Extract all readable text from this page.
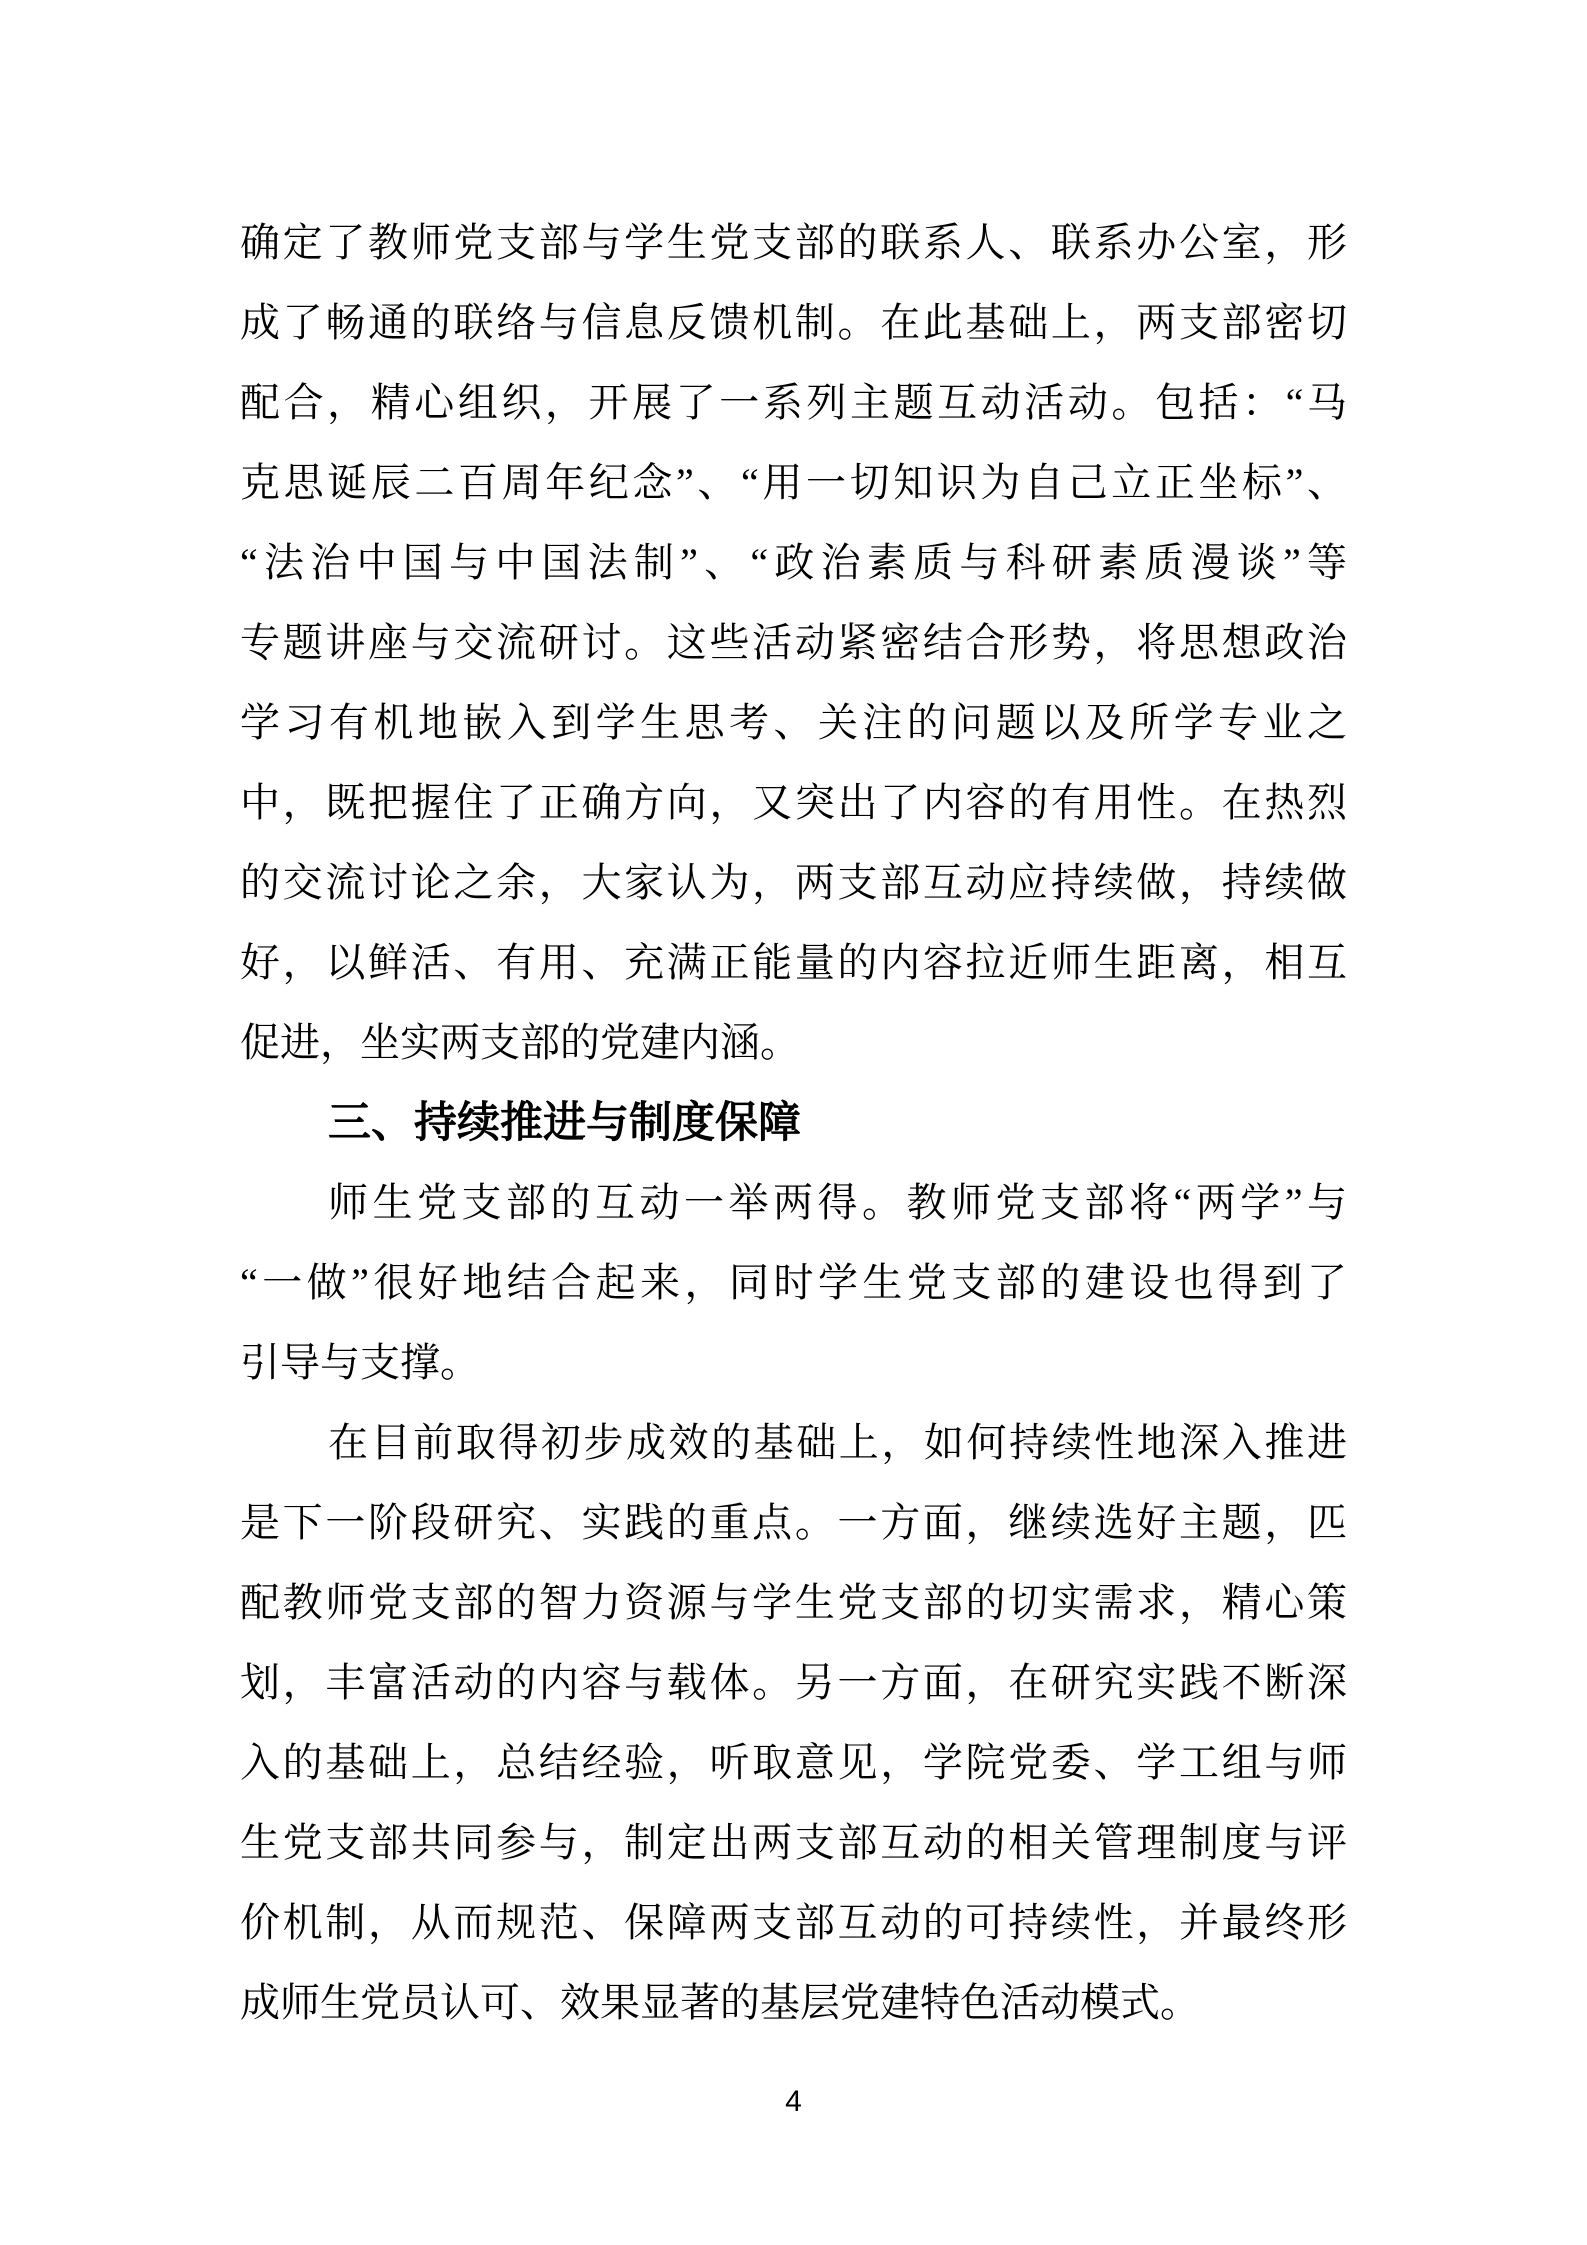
确定了教师党支部与学生党支部的联系人、联系办公室，形
成了畅通的联络与信息反馈机制。在此基础上，两支部密切
配合，精心组织，开展了一系列主题互动活动。包括：“马
克思诞辰二百周年纪念”、“用一切知识为自己立正坐标”、
“法治中国与中国法制”、“政治素质与科研素质漫谈”等
专题讲座与交流研讨。这些活动紧密结合形势，将思想政治
学习有机地嵌入到学生思考、关注的问题以及所学专业之
中，既把握住了正确方向，又突出了内容的有用性。在热烈
的交流讨论之余，大家认为，两支部互动应持续做，持续做
好，以鲜活、有用、充满正能量的内容拉近师生距离，相互
促进，坐实两支部的党建内涵。
三、持续推进与制度保障
师生党支部的互动一举两得。教师党支部将“两学”与
“一做”很好地结合起来，同时学生党支部的建设也得到了
引导与支撑。
在目前取得初步成效的基础上，如何持续性地深入推进
是下一阶段研究、实践的重点。一方面，继续选好主题，匹
配教师党支部的智力资源与学生党支部的切实需求，精心策
划，丰富活动的内容与载体。另一方面，在研究实践不断深
入的基础上，总结经验，听取意见，学院党委、学工组与师
生党支部共同参与，制定出两支部互动的相关管理制度与评
价机制，从而规范、保障两支部互动的可持续性，并最终形
成师生党员认可、效果显著的基层党建特色活动模式。
4
